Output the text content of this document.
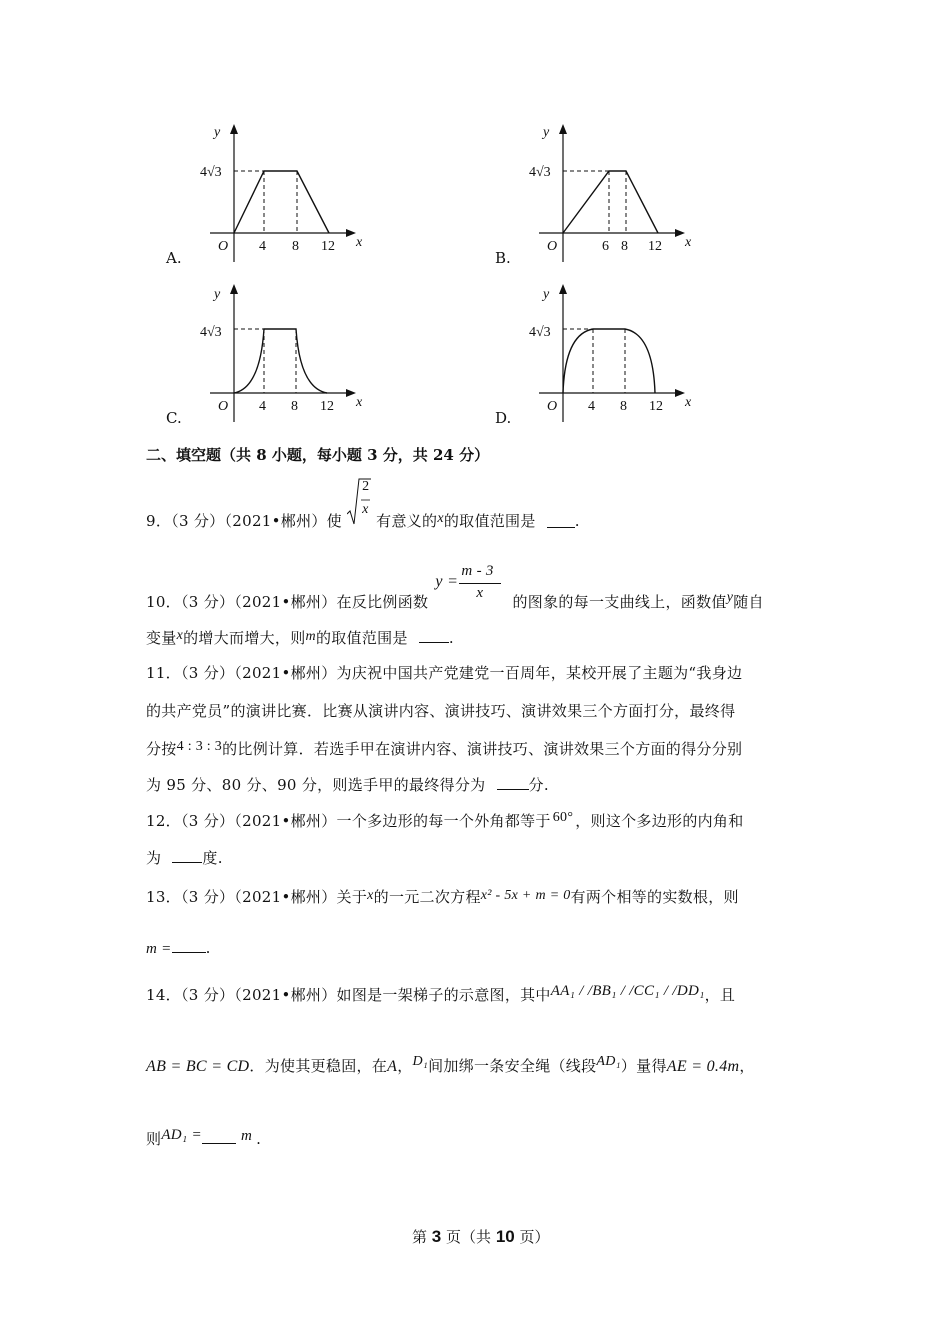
A.
y
x
O
4√3
4 8 12
B.
y
x
O
4√3
6 8 12
C.
y
x
O
4√3
4 8 12
D.
y
x
O
4√3
4 8 12
二、填空题（共 8 小题，每小题 3 分，共 24 分）
9．（3 分）（2021•郴州）使
2
x
有意义的x的取值范围是	.
10．（3 分）（2021•郴州）在反比例函数
y =
m - 3
x 的图象的每一支曲线上，函数值y随自
变量x的增大而增大，则m的取值范围是	.
11．（3 分）（2021•郴州）为庆祝中国共产党建党一百周年，某校开展了主题为“我身边
的共产党员”的演讲比赛．比赛从演讲内容、演讲技巧、演讲效果三个方面打分，最终得
分按4 : 3 : 3的比例计算．若选手甲在演讲内容、演讲技巧、演讲效果三个方面的得分分别
为 95 分、80 分、90 分，则选手甲的最终得分为	分.
12．（3 分）（2021•郴州）一个多边形的每一个外角都等于 60° ，则这个多边形的内角和
为	度.
13．（3 分）（2021•郴州）关于x的一元二次方程x² - 5x + m = 0有两个相等的实数根，则
m = .
14．（3 分）（2021•郴州）如图是一架梯子的示意图，其中AA₁ / /BB₁ / /CC₁ / /DD₁，且
AB = BC = CD．为使其更稳固，在A，D₁间加绑一条安全绳（线段AD₁）量得AE = 0.4m，
则AD₁ =	m .
第 3 页（共 10 页）
